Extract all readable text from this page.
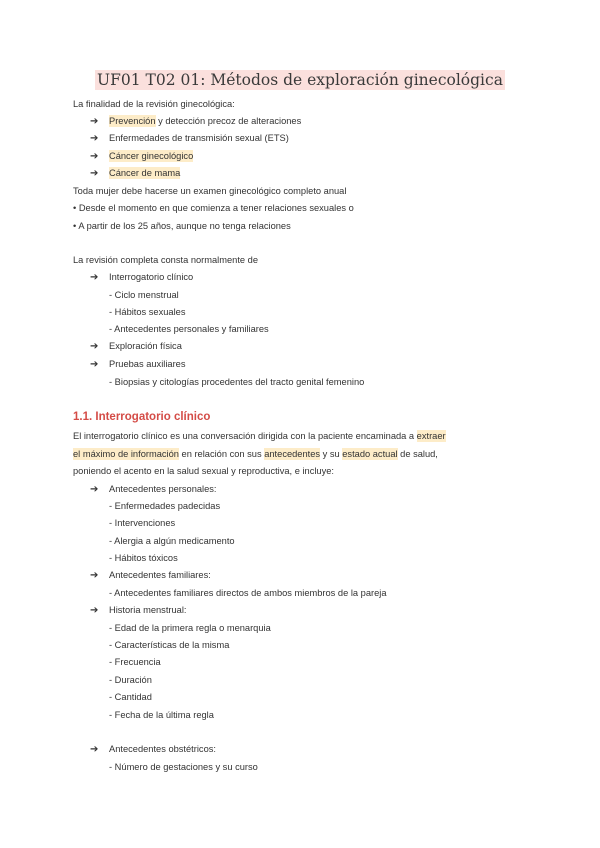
UF01 T02 01: Métodos de exploración ginecológica
La finalidad de la revisión ginecológica:
➔ Prevención y detección precoz de alteraciones
➔ Enfermedades de transmisión sexual (ETS)
➔ Cáncer ginecológico
➔ Cáncer de mama
Toda mujer debe hacerse un examen ginecológico completo anual
• Desde el momento en que comienza a tener relaciones sexuales o
• A partir de los 25 años, aunque no tenga relaciones
La revisión completa consta normalmente de
➔ Interrogatorio clínico
- Ciclo menstrual
- Hábitos sexuales
- Antecedentes personales y familiares
➔ Exploración física
➔ Pruebas auxiliares
- Biopsias y citologías procedentes del tracto genital femenino
1.1. Interrogatorio clínico
El interrogatorio clínico es una conversación dirigida con la paciente encaminada a extraer
el máximo de información en relación con sus antecedentes y su estado actual de salud,
poniendo el acento en la salud sexual y reproductiva, e incluye:
➔ Antecedentes personales:
- Enfermedades padecidas
- Intervenciones
- Alergia a algún medicamento
- Hábitos tóxicos
➔ Antecedentes familiares:
- Antecedentes familiares directos de ambos miembros de la pareja
➔ Historia menstrual:
- Edad de la primera regla o menarquia
- Características de la misma
- Frecuencia
- Duración
- Cantidad
- Fecha de la última regla
➔ Antecedentes obstétricos:
- Número de gestaciones y su curso
